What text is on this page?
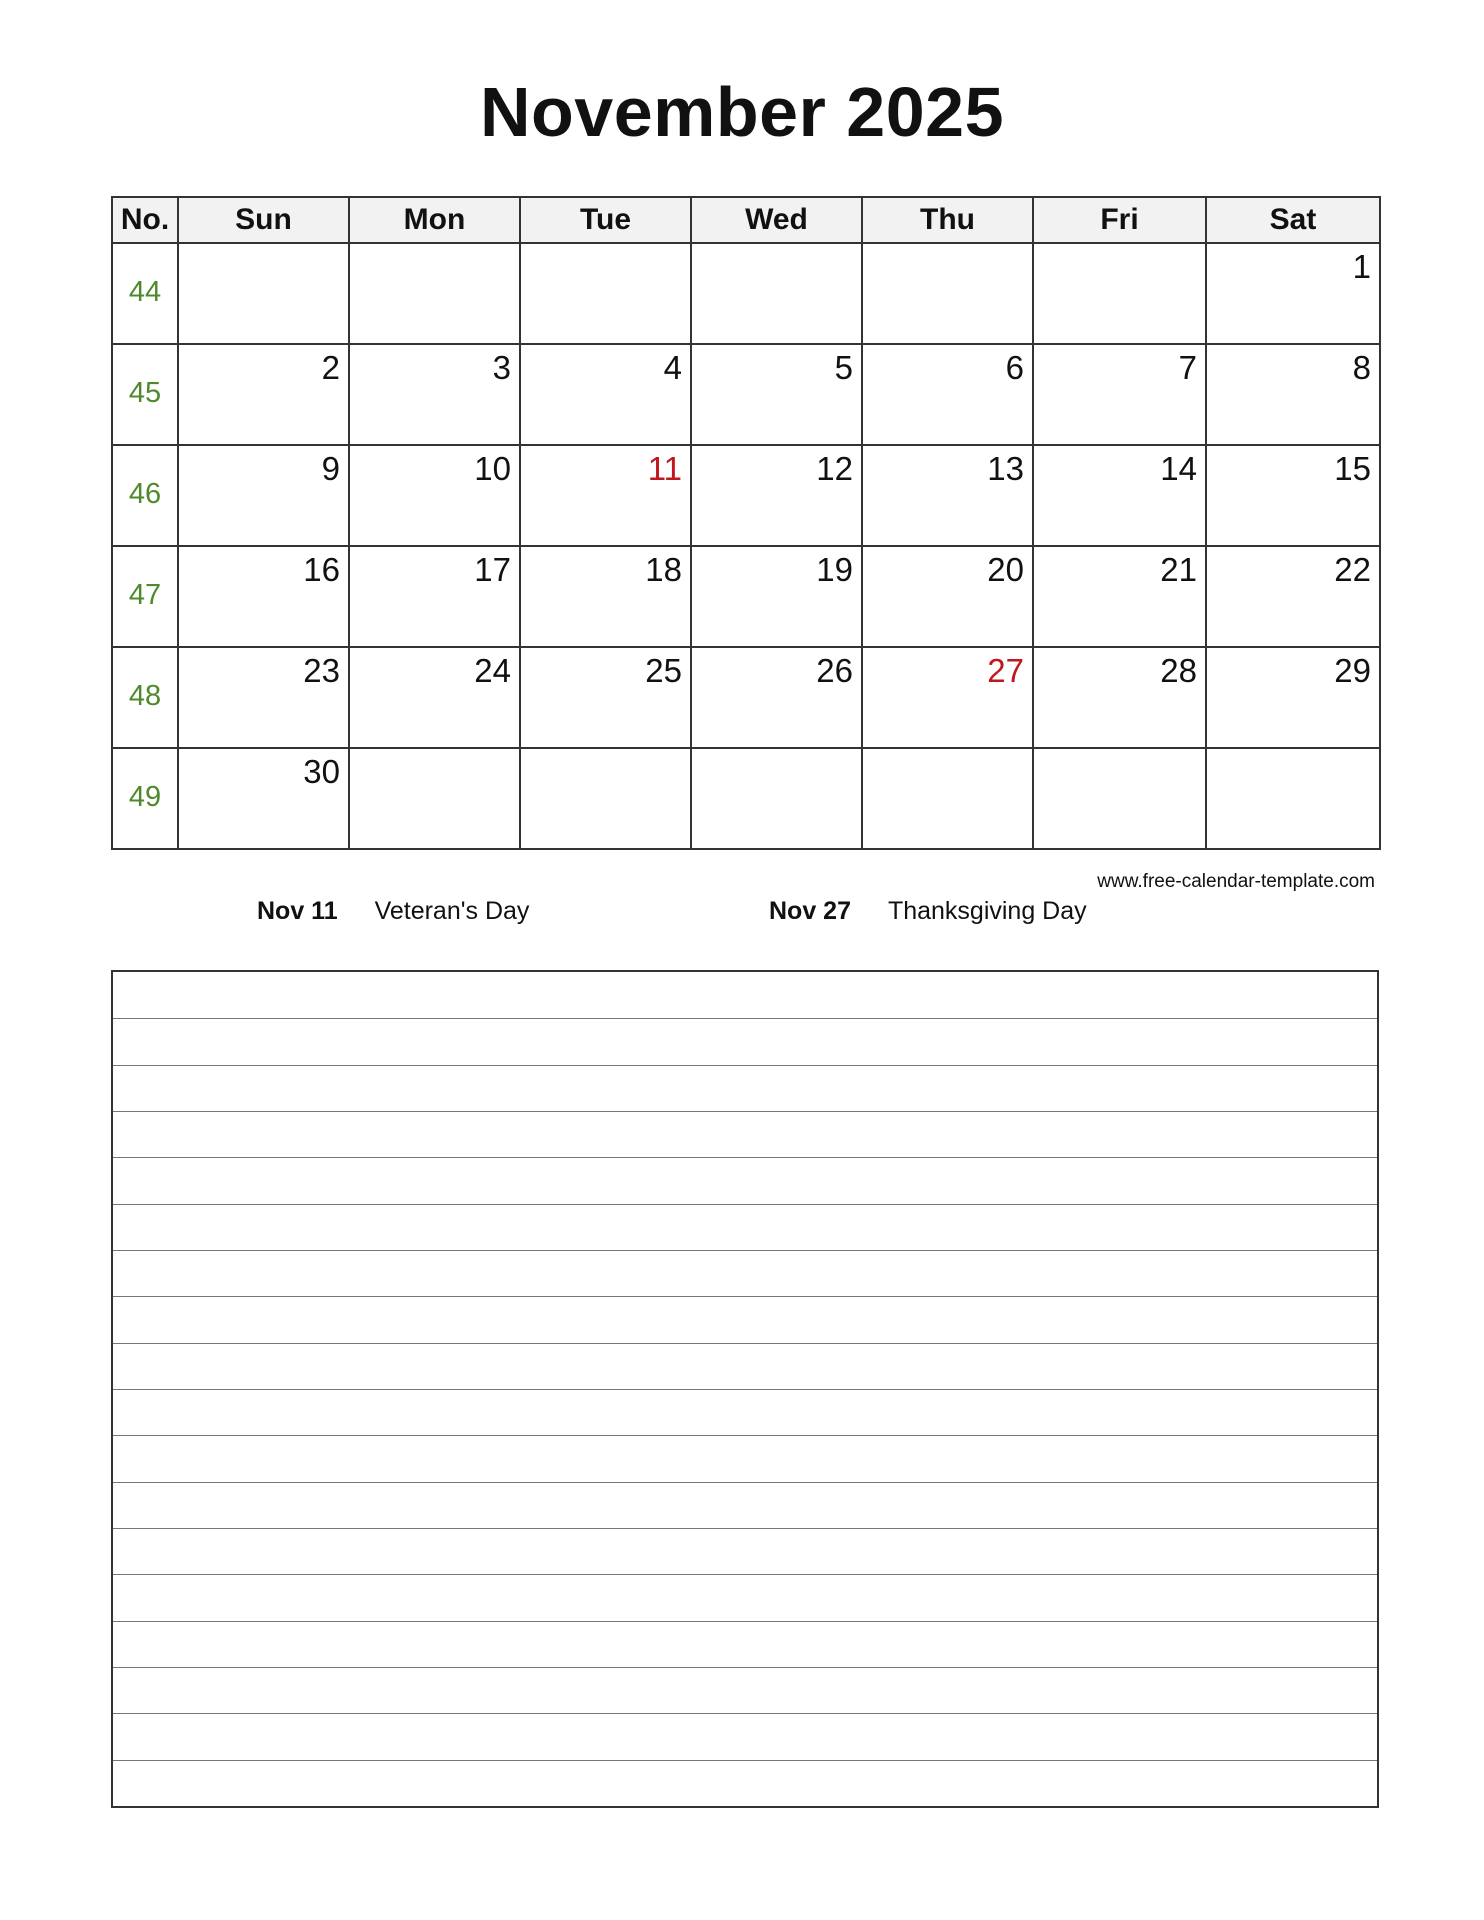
November 2025
No.	Sun	Mon	Tue	Wed	Thu	Fri	Sat

44							1

45	2	3	4	5	6	7	8

46	9	10	11	12	13	14	15

47	16	17	18	19	20	21	22

48	23	24	25	26	27	28	29

49	30						

www.free-calendar-template.com
Nov 11 Veteran's Day	Nov 27 Thanksgiving Day
